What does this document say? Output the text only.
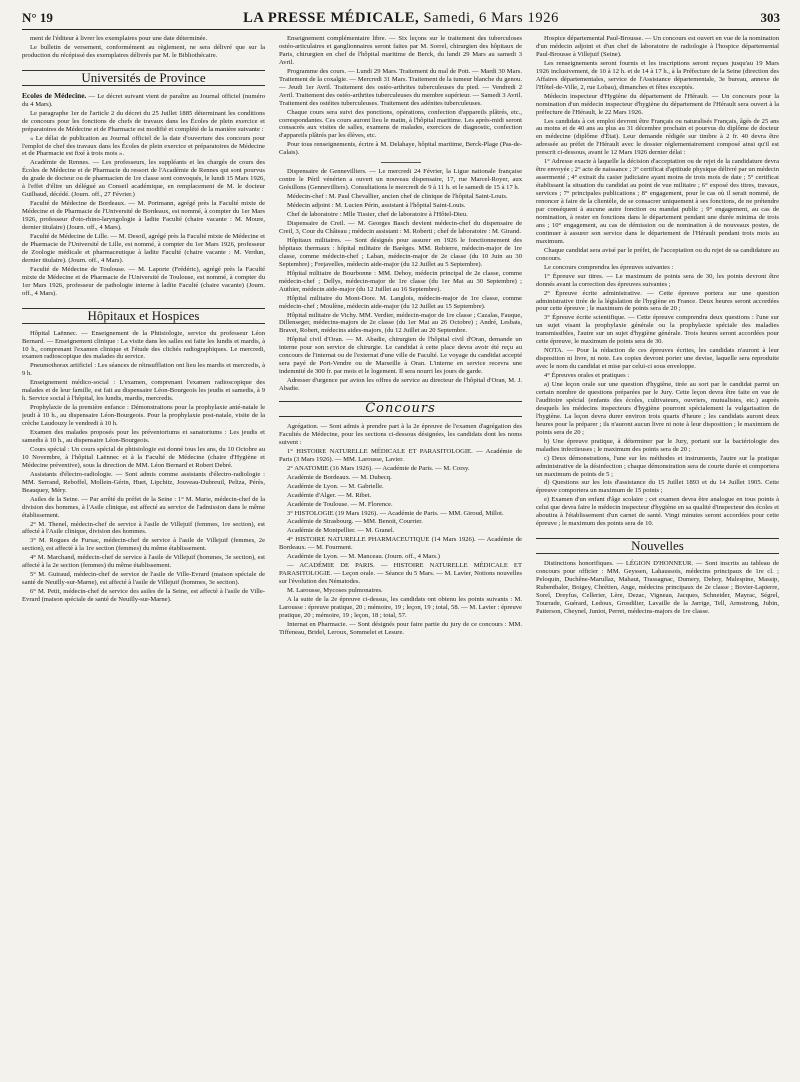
N° 19	LA PRESSE MÉDICALE, Samedi, 6 Mars 1926	303

ment de l'éditeur à livrer les exemplaires pour une date déterminée.

Le bulletin de versement, conformément au règlement, ne sera délivré que sur la production du récépissé des exemplaires délivrés par M. le Bibliothécaire.

Universités de Province

Ecoles de Médecine. — Le décret suivant vient de paraître au Journal officiel (numéro du 4 Mars).

Le paragraphe 1er de l'article 2 du décret du 25 Juillet 1885 déterminant les conditions de concours pour les fonctions de chefs de travaux dans les Écoles de plein exercice et préparatoires de Médecine et de Pharmacie est modifié et complété de la manière suivante :

« Le délai de publication au Journal officiel de la date d'ouverture des concours pour l'emploi de chef des travaux dans les Écoles de plein exercice et préparatoires de Médecine et de Pharmacie est fixé à trois mois ».

Académie de Rennes. — Les professeurs, les suppléants et les chargés de cours des Écoles de Médecine et de Pharmacie du ressort de l'Académie de Rennes qui sont pourvus du grade de docteur ou de pharmacien de 1re classe sont convoqués, le lundi 15 Mars 1926, à l'effet d'élire un délégué au Conseil académique, en remplacement de M. le docteur Guilbaud, décédé. (Journ. off., 27 Février.)

Faculté de Médecine de Bordeaux. — M. Portmann, agrégé près la Faculté mixte de Médecine et de Pharmacie de l'Université de Bordeaux, est nommé, à compter du 1er Mars 1926, professeur d'oto-rhino-laryngologie à ladite Faculté (chaire vacante : M. Moure, dernier titulaire) (Journ. off., 4 Mars).

Faculté de Médecine de Lille. — M. Desoil, agrégé près la Faculté mixte de Médecine et de Pharmacie de l'Université de Lille, est nommé, à compter du 1er Mars 1926, professeur de Zoologie médicale et pharmaceutique à ladite Faculté (chaire vacante : M. Verdun, dernier titulaire). (Journ. off., 4 Mars).

Faculté de Médecine de Toulouse. — M. Laporte (Frédéric), agrégé près la Faculté mixte de Médecine et de Pharmacie de l'Université de Toulouse, est nommé, à compter du 1er Mars 1926, professeur de pathologie interne à ladite Faculté (chaire vacante) (Journ. off., 4 Mars).

Hôpitaux et Hospices

Hôpital Laënnec. — Enseignement de la Phtisiologie, service du professeur Léon Bernard. — Enseignement clinique : La visite dans les salles est faite les lundis et mardis, à 10 h., comprenant l'examen clinique et l'étude des clichés radiographiques. Le mercredi, examen radioscopique des malades du service.

Pneumothorax artificiel : Les séances de réinsufflation ont lieu les mardis et mercredis, à 9 h.

Enseignement médico-social : L'examen, comprenant l'examen radioscopique des malades et de leur famille, est fait au dispensaire Léon-Bourgeois les jeudis et samedis, à 9 h. Service social à l'hôpital, les lundis, mardis, mercredis.

Prophylaxie de la première enfance : Démonstrations pour la prophylaxie anté-natale le jeudi à 10 h., au dispensaire Léon-Bourgeois. Pour la prophylaxie post-natale, visite de la crèche Laudouzy le vendredi à 10 h.

Examen des malades proposés pour les préventoriums et sanatoriums : Les jeudis et samedis à 10 h., au dispensaire Léon-Bourgeois.

Cours spécial : Un cours spécial de phtisiologie est donné tous les ans, du 10 Octobre au 10 Novembre, à l'hôpital Laënnec et à la Faculté de Médecine (chaire d'Hygiène et Médecine préventive), sous la direction de MM. Léon Bernard et Robert Debré.

Assistants d'électro-radiologie. — Sont admis comme assistants d'électro-radiologie : MM. Serrand, Reboffel, Mollein-Gérin, Huet, Lipchitz, Jouveau-Dubreuil, Peliza, Pérès, Beauquey, Méry.

Asiles de la Seine. — Par arrêté du préfet de la Seine : 1° M. Marie, médecin-chef de la division des hommes, à l'Asile clinique, est affecté au service de l'admission dans le même établissement.

2° M. Thenel, médecin-chef de service à l'asile de Villejuif (femmes, 1re section), est affecté à l'Asile clinique, division des hommes.

3° M. Rogues de Fursac, médecin-chef de service à l'asile de Villejuif (femmes, 2e section), est affecté à la 1re section (femmes) du même établissement.

4° M. Marchand, médecin-chef de service à l'asile de Villejuif (hommes, 3e section), est affecté à la 2e section (femmes) du même établissement.

5° M. Guiraud, médecin-chef de service de l'asile de Ville-Evrard (maison spéciale de santé de Neuilly-sur-Marne), est affecté à l'asile de Villejuif (hommes, 3e section).

6° M. Petit, médecin-chef de service des asiles de la Seine, est affecté à l'asile de Ville-Evrard (maison spéciale de santé de Neuilly-sur-Marne).

Enseignement complémentaire libre. — Six leçons sur le traitement des tuberculoses ostéo-articulaires et ganglionnaires seront faites par M. Sorrel, chirurgien des hôpitaux de Paris, chirurgien en chef de l'hôpital maritime de Berck, du lundi 29 Mars au samedi 3 Avril.

Programme des cours. — Lundi 29 Mars. Traitement du mal de Pott. — Mardi 30 Mars. Traitement de la coxalgie. — Mercredi 31 Mars. Traitement de la tumeur blanche du genou. — Jeudi 1er Avril. Traitement des ostéo-arthrites tuberculeuses du pied. — Vendredi 2 Avril. Traitement des ostéo-arthrites tuberculeuses du membre supérieur. — Samedi 3 Avril. Traitement des ostéites tuberculeuses. Traitement des adénites tuberculeuses.

Chaque cours sera suivi des ponctions, opérations, confection d'appareils plâtrés, etc., correspondantes. Ces cours auront lieu le matin, à l'hôpital maritime. Les après-midi seront consacrés aux visites de salles, examens de malades, exercices de diagnostic, confection d'appareils plâtrés par les élèves, etc.

Pour tous renseignements, écrire à M. Delahaye, hôpital maritime, Berck-Plage (Pas-de-Calais).

Dispensaire de Gennevilliers. — Le mercredi 24 Février, la Ligue nationale française contre le Péril vénérien a ouvert un nouveau dispensaire, 17, rue Marcel-Royer, aux Grésillons (Gennevilliers). Consultations le mercredi de 9 à 11 h. et le samedi de 15 à 17 h.

Médecin-chef : M. Paul Chevallier, ancien chef de clinique de l'hôpital Saint-Louis.

Médecin adjoint : M. Lucien Périn, assistant à l'hôpital Saint-Louis.

Chef de laboratoire : Mlle Tissier, chef de laboratoire à l'Hôtel-Dieu.

Dispensaire de Creil. — M. Georges Basch devient médecin-chef du dispensaire de Creil, 3, Cour du Château ; médecin assistant : M. Roberti ; chef de laboratoire : M. Girand.

Hôpitaux militaires. — Sont désignés pour assurer en 1926 le fonctionnement des hôpitaux thermaux : hôpital militaire de Barèges. MM. Rebierre, médecin-major de 1re classe, comme médecin-chef ; Laban, médecin-major de 2e classe (du 10 Juin au 30 Septembre) ; Frejavelles, médecin aide-major (du 12 Juillet au 5 Septembre).

Hôpital militaire de Bourbonne : MM. Dehoy, médecin principal de 2e classe, comme médecin-chef ; Dellys, médecin-major de 1re classe (du 1er Mai au 30 Septembre) ; Authier, médecin aide-major (du 12 Juillet au 16 Septembre).

Hôpital militaire du Mont-Dore. M. Langlois, médecin-major de 1re classe, comme médecin-chef ; Moulène, médecin aide-major (du 12 Juillet au 15 Septembre).

Hôpital militaire de Vichy. MM. Verdier, médecin-major de 1re classe ; Cazalas, Fauque, Dillenseger, médecins-majors de 2e classe (du 1er Mai au 26 Octobre) ; André, Lesbats, Bravet, Robert, médecins aides-majors, (du 12 Juillet au 20 Septembre.

Hôpital civil d'Oran. — M. Abadie, chirurgien de l'hôpital civil d'Oran, demande un interne pour son service de chirurgie. Le candidat à cette place devra avoir été reçu au concours de l'internat ou de l'externat d'une ville de Faculté. Le voyage du candidat accepté sera payé de Port-Vendre ou de Marseille à Oran. L'interne en service recevra une indemnité de 300 fr. par mois et le logement. Il sera nourri les jours de garde.

Adresser d'urgence par avion les offres de service au directeur de l'hôpital d'Oran, M. J. Abadie.

Concours

Agrégation. — Sont admis à prendre part à la 2e épreuve de l'examen d'agrégation des Facultés de Médecine, pour les sections ci-dessous désignées, les candidats dont les noms suivent :

1° HISTOIRE NATURELLE MÉDICALE ET PARASITOLOGIE. — Académie de Paris (3 Mars 1926). — MM. Larousse, Lavier.

2° ANATOMIE (16 Mars 1926). — Académie de Paris. — M. Corsy.

Académie de Bordeaux. — M. Dubecq.

Académie de Lyon. — M. Gabrielle.

Académie d'Alger. — M. Ribet.

Académie de Toulouse. — M. Florence.

3° HISTOLOGIE (19 Mars 1926). — Académie de Paris. — MM. Giroud, Millot.

Académie de Strasbourg. — MM. Benoit, Courrier.

Académie de Montpellier. — M. Granel.

4° HISTOIRE NATURELLE PHARMACEUTIQUE (14 Mars 1926). — Académie de Bordeaux. — M. Fourment.

Académie de Lyon. — M. Manceau. (Journ. off., 4 Mars.)

— ACADÉMIE DE PARIS. — HISTOIRE NATURELLE MÉDICALE ET PARASITOLOGIE. — Leçon orale. — Séance du 5 Mars. — M. Lavier, Notions nouvelles sur l'évolution des Nématodes.

M. Larousse, Mycoses pulmonaires.

A la suite de la 2e épreuve ci-dessus, les candidats ont obtenu les points suivants : M. Larousse : épreuve pratique, 20 ; mémoire, 19 ; leçon, 19 ; total, 58. — M. Lavier : épreuve pratique, 20 ; mémoire, 19 ; leçon, 18 ; total, 57.

Internat en Pharmacie. — Sont désignés pour faire partie du jury de ce concours : MM. Tiffeneau, Bridel, Leroux, Sommelet et Lesure.

Hospice départemental Paul-Brousse. — Un concours est ouvert en vue de la nomination d'un médecin adjoint et d'un chef de laboratoire de radiologie à l'hospice départemental Paul-Brousse à Villejuif (Seine).

Les renseignements seront fournis et les inscriptions seront reçues jusqu'au 19 Mars 1926 inclusivement, de 10 à 12 h. et de 14 à 17 h., à la Préfecture de la Seine (direction des Affaires départementales, service de l'Assistance départementale, 3e bureau, annexe de l'Hôtel-de-Ville, 2, rue Lobau), dimanches et fêtes exceptés.

Médecin inspecteur d'Hygiène du département de l'Hérault. — Un concours pour la nomination d'un médecin inspecteur d'hygiène du département de l'Hérault sera ouvert à la préfecture de l'Hérault, le 22 Mars 1926.

Les candidats à cet emploi devront être Français ou naturalisés Français, âgés de 25 ans au moins et de 40 ans au plus au 31 décembre prochain et pourvus du diplôme de docteur en médecine (diplôme d'État). Leur demande rédigée sur timbre à 2 fr. 40 devra être adressée au préfet de l'Hérault avec le dossier réglementairement composé ainsi qu'il est prescrit ci-dessous, avant le 12 Mars 1926 dernier délai :

1° Adresse exacte à laquelle la décision d'acceptation ou de rejet de la candidature devra être envoyée ; 2° acte de naissance ; 3° certificat d'aptitude physique délivré par un médecin assermenté ; 4° extrait du casier judiciaire ayant moins de trois mois de date ; 5° certificat établissant la situation du candidat au point de vue militaire ; 6° exposé des titres, travaux, services ; 7° principales publications ; 8° engagement, pour le cas où il serait nommé, de renoncer à faire de la clientèle, de se consacrer uniquement à ses fonctions, de ne prétendre par conséquent à aucune autre fonction ou mandat public ; 9° engagement, au cas de nomination, à rester en fonctions dans le département pendant une durée minima de trois ans ; 10° engagement, au cas de démission ou de nomination à de nouveaux postes, de continuer à assurer son service dans le département de l'Hérault pendant trois mois au maximum.

Chaque candidat sera avisé par le préfet, de l'acceptation ou du rejet de sa candidature au concours.

Le concours comprendra les épreuves suivantes :

1° Épreuve sur titres. — Le maximum de points sera de 30, les points devront être donnés avant la correction des épreuves suivantes ;

2° Épreuve écrite administrative. — Cette épreuve portera sur une question administrative tirée de la législation de l'hygiène en France. Deux heures seront accordées pour cette épreuve ; le maximum de points sera de 20 ;

3° Épreuve écrite scientifique. — Cette épreuve comprendra deux questions : l'une sur un sujet visant la prophylaxie générale ou la prophylaxie spéciale des maladies transmissibles, l'autre sur un sujet d'hygiène générale. Trois heures seront accordées pour cette épreuve, le maximum de points sera de 30.

NOTA. — Pour la rédaction de ces épreuves écrites, les candidats n'auront à leur disposition ni livre, ni note. Les copies devront porter une devise, laquelle sera reproduite avec le nom du candidat et mise par celui-ci sous enveloppe.

4° Épreuves orales et pratiques :

a) Une leçon orale sur une question d'hygiène, tirée au sort par le candidat parmi un certain nombre de questions préparées par le Jury. Cette leçon devra être faite en vue de l'auditoire spécial (enfants des écoles, cultivateurs, ouvriers, mutualistes, etc.) auprès desquels les médecins inspecteurs d'hygiène pourront spécialement la vulgarisation de l'hygiène. La leçon devra durer environ trois quarts d'heure ; les candidats auront deux heures pour la préparer ; ils n'auront aucun livre ni note à leur disposition ; le maximum de points sera de 20 ;

b) Une épreuve pratique, à déterminer par le Jury, portant sur la bactériologie des maladies infectieuses ; le maximum des points sera de 20 ;

c) Deux démonstrations, l'une sur les méthodes et instruments, l'autre sur la pratique administrative de la désinfection ; chaque démonstration sera de courte durée et comportera un maximum de points de 5 ;

d) Questions sur les lois d'assistance du 15 Juillet 1893 et du 14 Juillet 1905. Cette épreuve comportera un maximum de 15 points ;

e) Examen d'un enfant d'âge scolaire ; cet examen devra être analogue en tous points à celui que devra faire le médecin inspecteur d'hygiène en sa qualité d'inspecteur des écoles et aboutira à l'établissement d'un carnet de santé. Vingt minutes seront accordées pour cette épreuve ; le maximum des points sera de 10.

Nouvelles

Distinctions honorifiques. — LÉGION D'HONNEUR. — Sont inscrits au tableau de concours pour officier : MM. Geyssen, Lahaussois, médecins principaux de 1re cl. ; Peloquin, Duchêne-Marullaz, Mahaut, Trassagnac, Dumery, Dehoy, Malespine, Massip, Rubenthaler, Boigey, Chrétien, Ange, médecins principaux de 2e classe ; Bovier-Lapierre, Sorel, Dreyfus, Cellerier, Lère, Dezac, Vigneau, Jacques, Schneider, Mayrac, Ségrel, Tourrade, Guérard, Ledoux, Grosdilier, Lavaille de la Jarrige, Tell, Armstrong, Jubin, Patterson, Cheynel, Juniot, Perret, médecins-majors de 1re classe.
